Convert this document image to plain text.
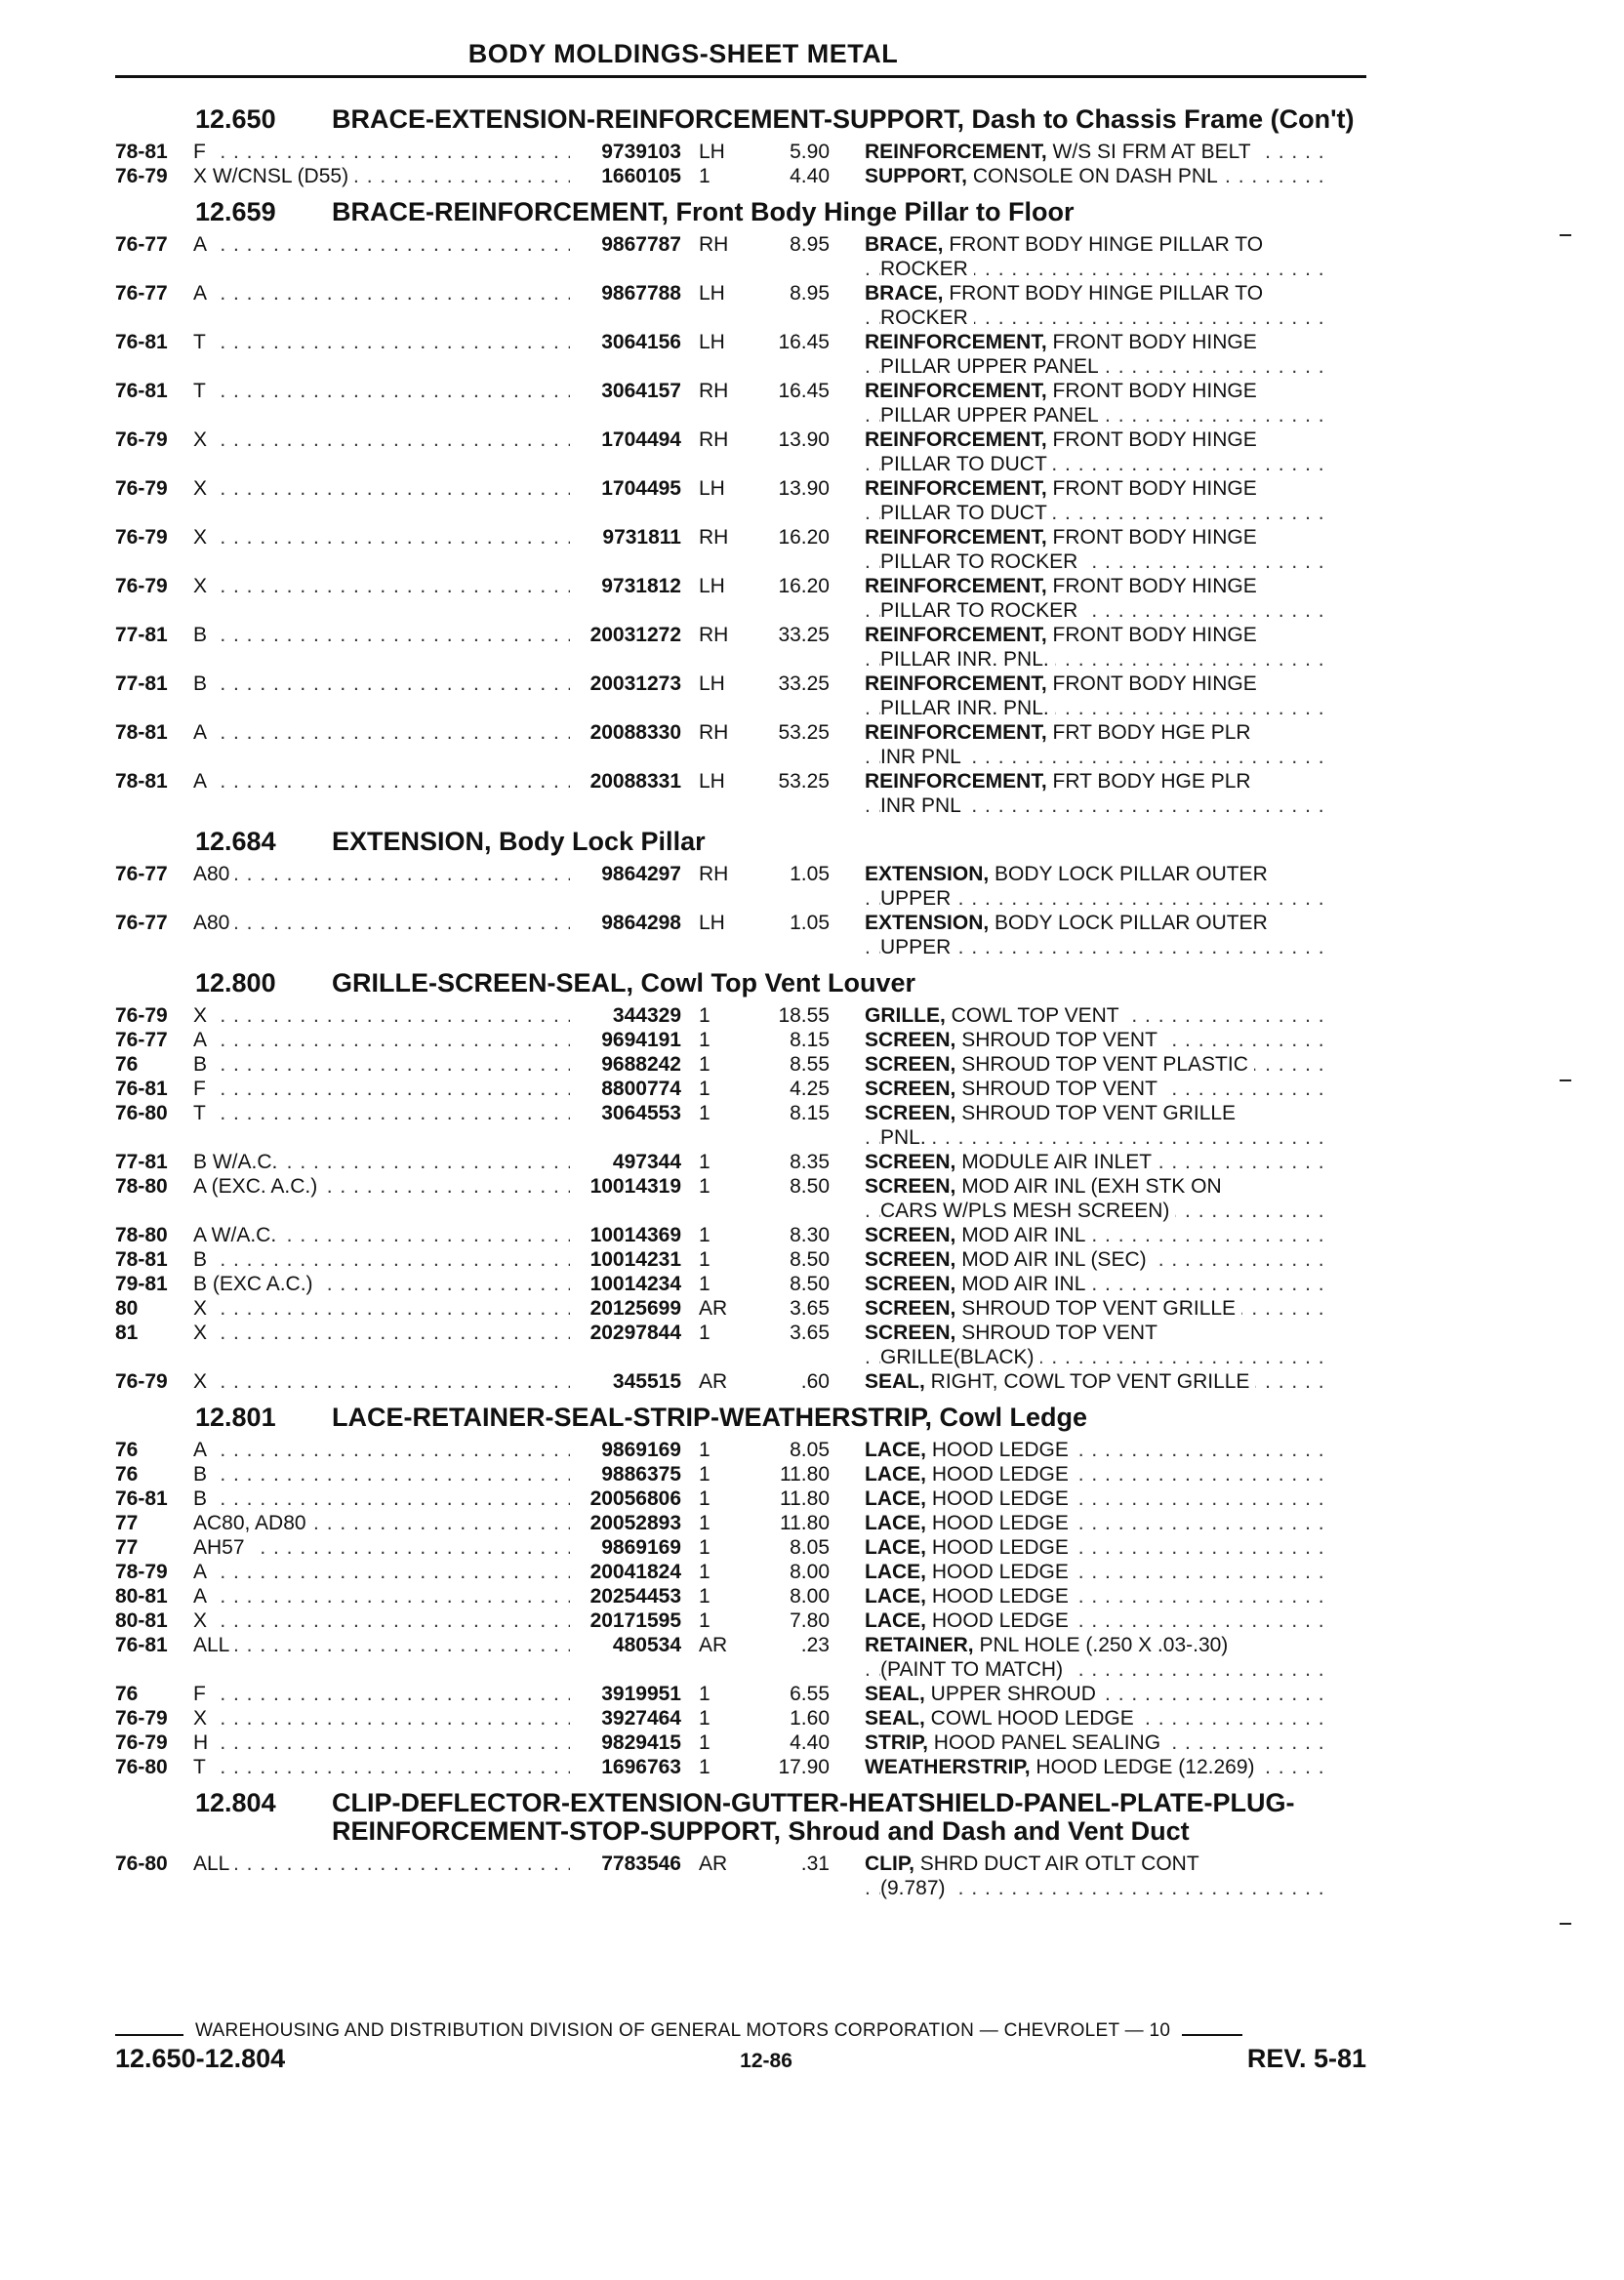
BODY MOLDINGS-SHEET METAL
12.650	BRACE-EXTENSION-REINFORCEMENT-SUPPORT, Dash to Chassis Frame (Con't)
78-81	F . . .	9739103 LH	5.90 REINFORCEMENT, W/S SI FRM AT BELT . . .
76-79	X W/CNSL (D55) . . .	1660105 1	4.40 SUPPORT, CONSOLE ON DASH PNL . . .
12.659	BRACE-REINFORCEMENT, Front Body Hinge Pillar to Floor
76-77	A . . .	9867787 RH	8.95 BRACE, FRONT BODY HINGE PILLAR TO
ROCKER . . .
76-77	A . . .	9867788 LH	8.95 BRACE, FRONT BODY HINGE PILLAR TO
ROCKER . . .
76-81	T . . .	3064156 LH	16.45 REINFORCEMENT, FRONT BODY HINGE
PILLAR UPPER PANEL . . .
76-81	T . . .	3064157 RH	16.45 REINFORCEMENT, FRONT BODY HINGE
PILLAR UPPER PANEL . . .
76-79	X . . .	1704494 RH	13.90 REINFORCEMENT, FRONT BODY HINGE
PILLAR TO DUCT . . .
76-79	X . . .	1704495 LH	13.90 REINFORCEMENT, FRONT BODY HINGE
PILLAR TO DUCT . . .
76-79	X . . .	9731811 RH	16.20 REINFORCEMENT, FRONT BODY HINGE
PILLAR TO ROCKER . . .
76-79	X . . .	9731812 LH	16.20 REINFORCEMENT, FRONT BODY HINGE
PILLAR TO ROCKER . . .
77-81	B . . .	20031272 RH	33.25 REINFORCEMENT, FRONT BODY HINGE
PILLAR INR. PNL. . . .
77-81	B . . .	20031273 LH	33.25 REINFORCEMENT, FRONT BODY HINGE
PILLAR INR. PNL. . . .
78-81	A . . .	20088330 RH	53.25 REINFORCEMENT, FRT BODY HGE PLR
INR PNL . . .
78-81	A . . .	20088331 LH	53.25 REINFORCEMENT, FRT BODY HGE PLR
INR PNL . . .
12.684	EXTENSION, Body Lock Pillar
76-77	A80 . . .	9864297 RH	1.05 EXTENSION, BODY LOCK PILLAR OUTER
UPPER . . .
76-77	A80 . . .	9864298 LH	1.05 EXTENSION, BODY LOCK PILLAR OUTER
UPPER . . .
12.800	GRILLE-SCREEN-SEAL, Cowl Top Vent Louver
76-79	X . . .	344329 1	18.55 GRILLE, COWL TOP VENT . . .
76-77	A . . .	9694191 1	8.15 SCREEN, SHROUD TOP VENT . . .
76	B . . .	9688242 1	8.55 SCREEN, SHROUD TOP VENT PLASTIC . . .
76-81	F . . .	8800774 1	4.25 SCREEN, SHROUD TOP VENT . . .
76-80	T . . .	3064553 1	8.15 SCREEN, SHROUD TOP VENT GRILLE
PNL. . . .
77-81	B W/A.C. . . .	497344 1	8.35 SCREEN, MODULE AIR INLET . . .
78-80	A (EXC. A.C.) . . .	10014319 1	8.50 SCREEN, MOD AIR INL (EXH STK ON
CARS W/PLS MESH SCREEN) . . .
78-80	A W/A.C. . . .	10014369 1	8.30 SCREEN, MOD AIR INL . . .
78-81	B . . .	10014231 1	8.50 SCREEN, MOD AIR INL (SEC) . . .
79-81	B (EXC A.C.) . . .	10014234 1	8.50 SCREEN, MOD AIR INL . . .
80	X . . .	20125699 AR	3.65 SCREEN, SHROUD TOP VENT GRILLE . . .
81	X . . .	20297844 1	3.65 SCREEN, SHROUD TOP VENT
GRILLE(BLACK) . . .
76-79	X . . .	345515 AR	.60 SEAL, RIGHT, COWL TOP VENT GRILLE . . .
12.801	LACE-RETAINER-SEAL-STRIP-WEATHERSTRIP, Cowl Ledge
76	A . . .	9869169 1	8.05 LACE, HOOD LEDGE . . .
76	B . . .	9886375 1	11.80 LACE, HOOD LEDGE . . .
76-81	B . . .	20056806 1	11.80 LACE, HOOD LEDGE . . .
77	AC80, AD80 . . .	20052893 1	11.80 LACE, HOOD LEDGE . . .
77	AH57 . . .	9869169 1	8.05 LACE, HOOD LEDGE . . .
78-79	A . . .	20041824 1	8.00 LACE, HOOD LEDGE . . .
80-81	A . . .	20254453 1	8.00 LACE, HOOD LEDGE . . .
80-81	X . . .	20171595 1	7.80 LACE, HOOD LEDGE . . .
76-81	ALL . . .	480534 AR	.23 RETAINER, PNL HOLE (.250 X .03-.30)
(PAINT TO MATCH) . . .
76	F . . .	3919951 1	6.55 SEAL, UPPER SHROUD . . .
76-79	X . . .	3927464 1	1.60 SEAL, COWL HOOD LEDGE . . .
76-79	H . . .	9829415 1	4.40 STRIP, HOOD PANEL SEALING . . .
76-80	T . . .	1696763 1	17.90 WEATHERSTRIP, HOOD LEDGE (12.269) . . .
12.804	CLIP-DEFLECTOR-EXTENSION-GUTTER-HEATSHIELD-PANEL-PLATE-PLUG-REINFORCEMENT-STOP-SUPPORT, Shroud and Dash and Vent Duct
76-80	ALL . . .	7783546 AR	.31 CLIP, SHRD DUCT AIR OTLT CONT
(9.787) . . .
WAREHOUSING AND DISTRIBUTION DIVISION OF GENERAL MOTORS CORPORATION — CHEVROLET — 10
12.650-12.804	12-86	REV. 5-81
